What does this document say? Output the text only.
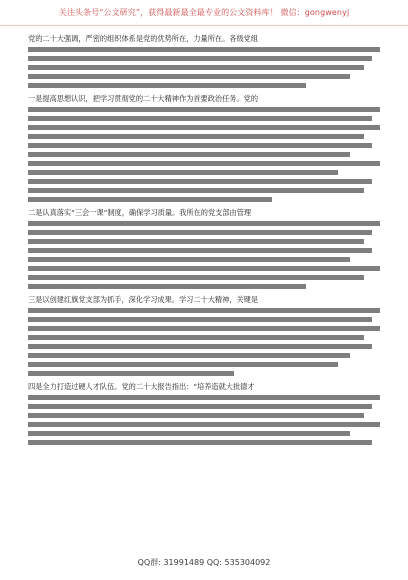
关注头条号“公文研究”，获得最新最全最专业的公文资料库！ 微信：gongwenyj
党的二十大强调，严密的组织体系是党的优势所在，力量所在。各级党组
一是提高思想认识，把学习贯彻党的二十大精神作为首要政治任务。党的
二是认真落实“三会一课”制度，确保学习质量。我所在的党支部由管理
三是以创建红旗党支部为抓手，深化学习成果。学习二十大精神，关键是
四是全力打造过硬人才队伍。党的二十大报告指出：“培养造就大批德才
QQ群: 31991489 QQ: 535304092
